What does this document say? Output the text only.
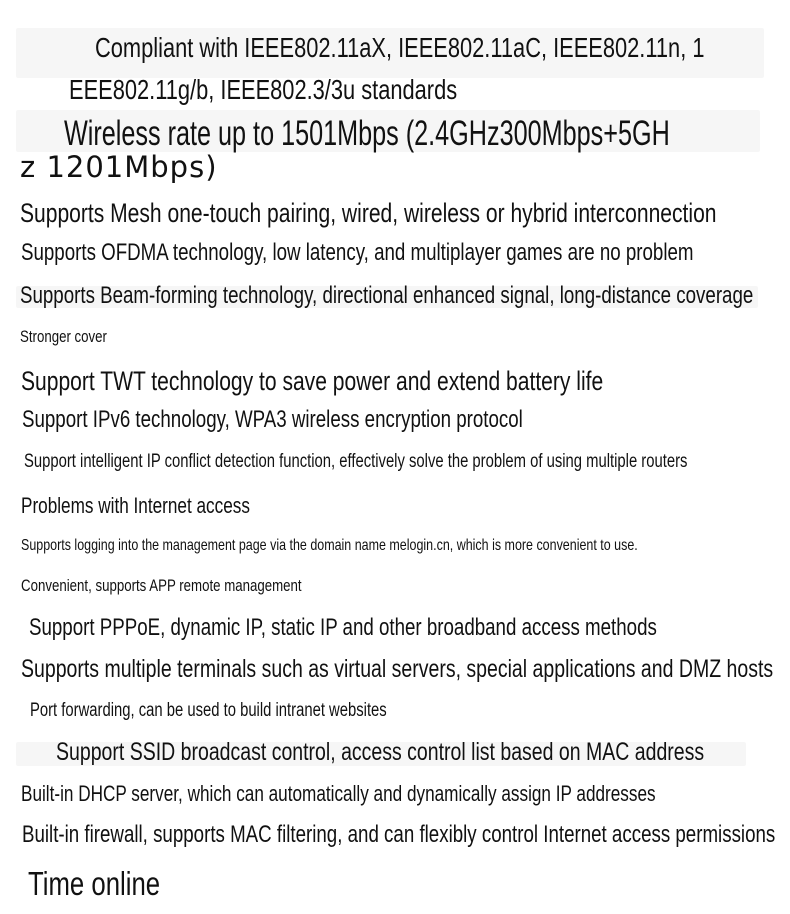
Compliant with IEEE802.11aX, IEEE802.11aC, IEEE802.11n, 1

EEE802.11g/b, IEEE802.3/3u standards

Wireless rate up to 1501Mbps (2.4GHz300Mbps+5GH

z 1201Mbps)

Supports Mesh one-touch pairing, wired, wireless or hybrid interconnection

Supports OFDMA technology, low latency, and multiplayer games are no problem

Supports Beam-forming technology, directional enhanced signal, long-distance coverage

Stronger cover

Support TWT technology to save power and extend battery life

Support IPv6 technology, WPA3 wireless encryption protocol

Support intelligent IP conflict detection function, effectively solve the problem of using multiple routers

Problems with Internet access

Supports logging into the management page via the domain name melogin.cn, which is more convenient to use.

Convenient, supports APP remote management

Support PPPoE, dynamic IP, static IP and other broadband access methods

Supports multiple terminals such as virtual servers, special applications and DMZ hosts

Port forwarding, can be used to build intranet websites

Support SSID broadcast control, access control list based on MAC address

Built-in DHCP server, which can automatically and dynamically assign IP addresses

Built-in firewall, supports MAC filtering, and can flexibly control Internet access permissions

Time online
